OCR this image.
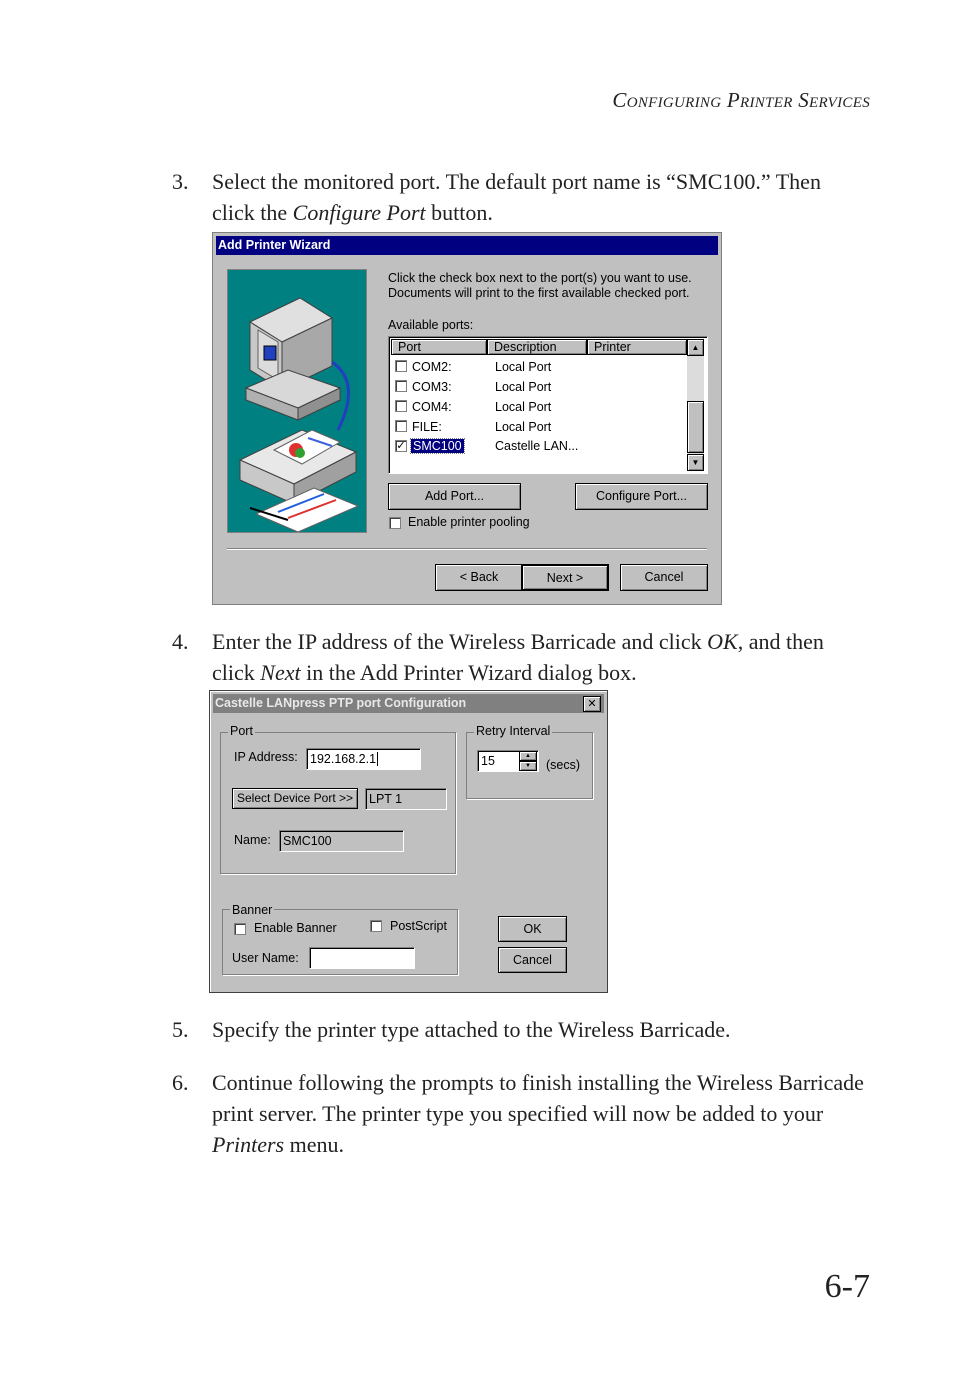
Configuring Printer Services
3.	Select the monitored port. The default port name is “SMC100.” Then click the Configure Port button.
Add Printer Wizard
Click the check box next to the port(s) you want to use.
Documents will print to the first available checked port.
Available ports:
Port	Description	Printer
COM2:	Local Port
COM3:	Local Port
COM4:	Local Port
FILE:	Local Port
✓ SMC100	Castelle LAN...
▲
▼
Add Port...	Configure Port...
Enable printer pooling
< Back	Next >	Cancel
4.	Enter the IP address of the Wireless Barricade and click OK, and then click Next in the Add Printer Wizard dialog box.
Castelle LANpress PTP port Configuration	✕
Port
IP Address: 192.168.2.1
Select Device Port >>	LPT 1
Name: SMC100
Retry Interval
15	▲
▼	(secs)
Banner
Enable Banner	PostScript
User Name:
OK
Cancel
5.	Specify the printer type attached to the Wireless Barricade.
6.	Continue following the prompts to finish installing the Wireless Barricade print server. The printer type you specified will now be added to your Printers menu.
6-7
